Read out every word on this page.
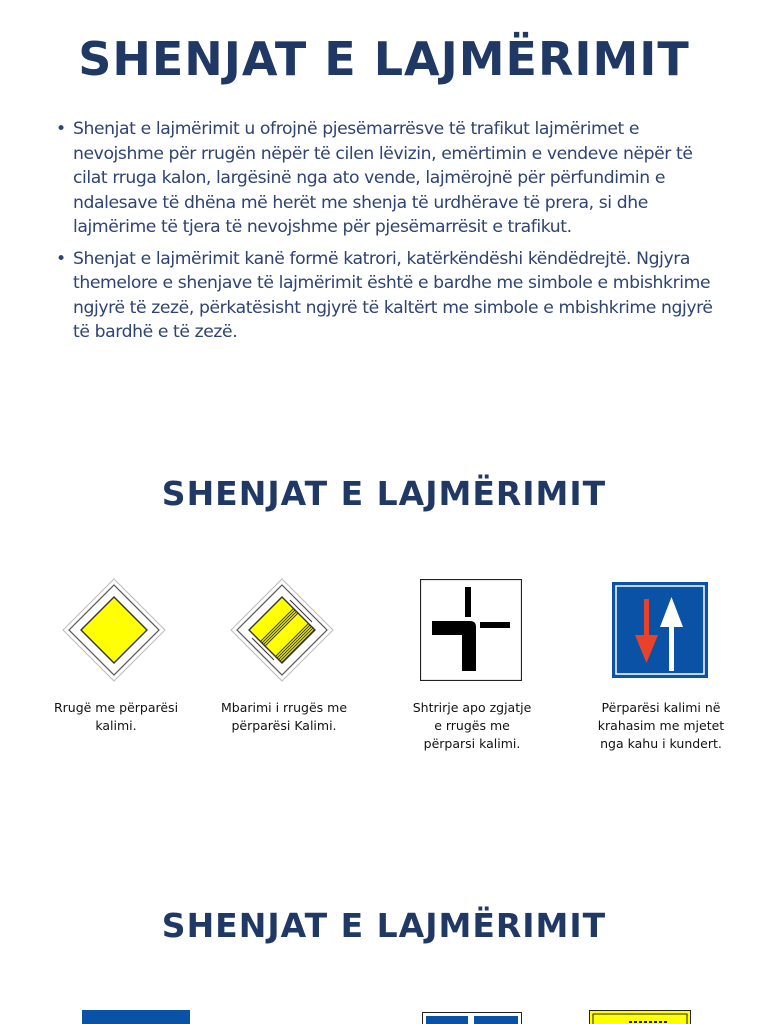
SHENJAT E LAJMËRIMIT
• Shenjat e lajmërimit u ofrojnë pjesëmarrësve të trafikut lajmërimet e nevojshme për rrugën nëpër të cilen lëvizin, emërtimin e vendeve nëpër të cilat rruga kalon, largësinë nga ato vende, lajmërojnë për përfundimin e ndalesave të dhëna më herët me shenja të urdhërave të prera, si dhe lajmërime të tjera të nevojshme për pjesëmarrësit e trafikut.
• Shenjat e lajmërimit kanë formë katrori, katërkëndëshi këndëdrejtë. Ngjyra themelore e shenjave të lajmërimit është e bardhe me simbole e mbishkrime ngjyrë të zezë, përkatësisht ngjyrë të kaltërt me simbole e mbishkrime ngjyrë të bardhë e të zezë.
SHENJAT E LAJMËRIMIT
Rrugë me përparësi kalimi.
Mbarimi i rrugës me përparësi Kalimi.
Shtrirje apo zgjatje e rrugës me përparsi kalimi.
Përparësi kalimi në krahasim me mjetet nga kahu i kundert.
SHENJAT E LAJMËRIMIT
